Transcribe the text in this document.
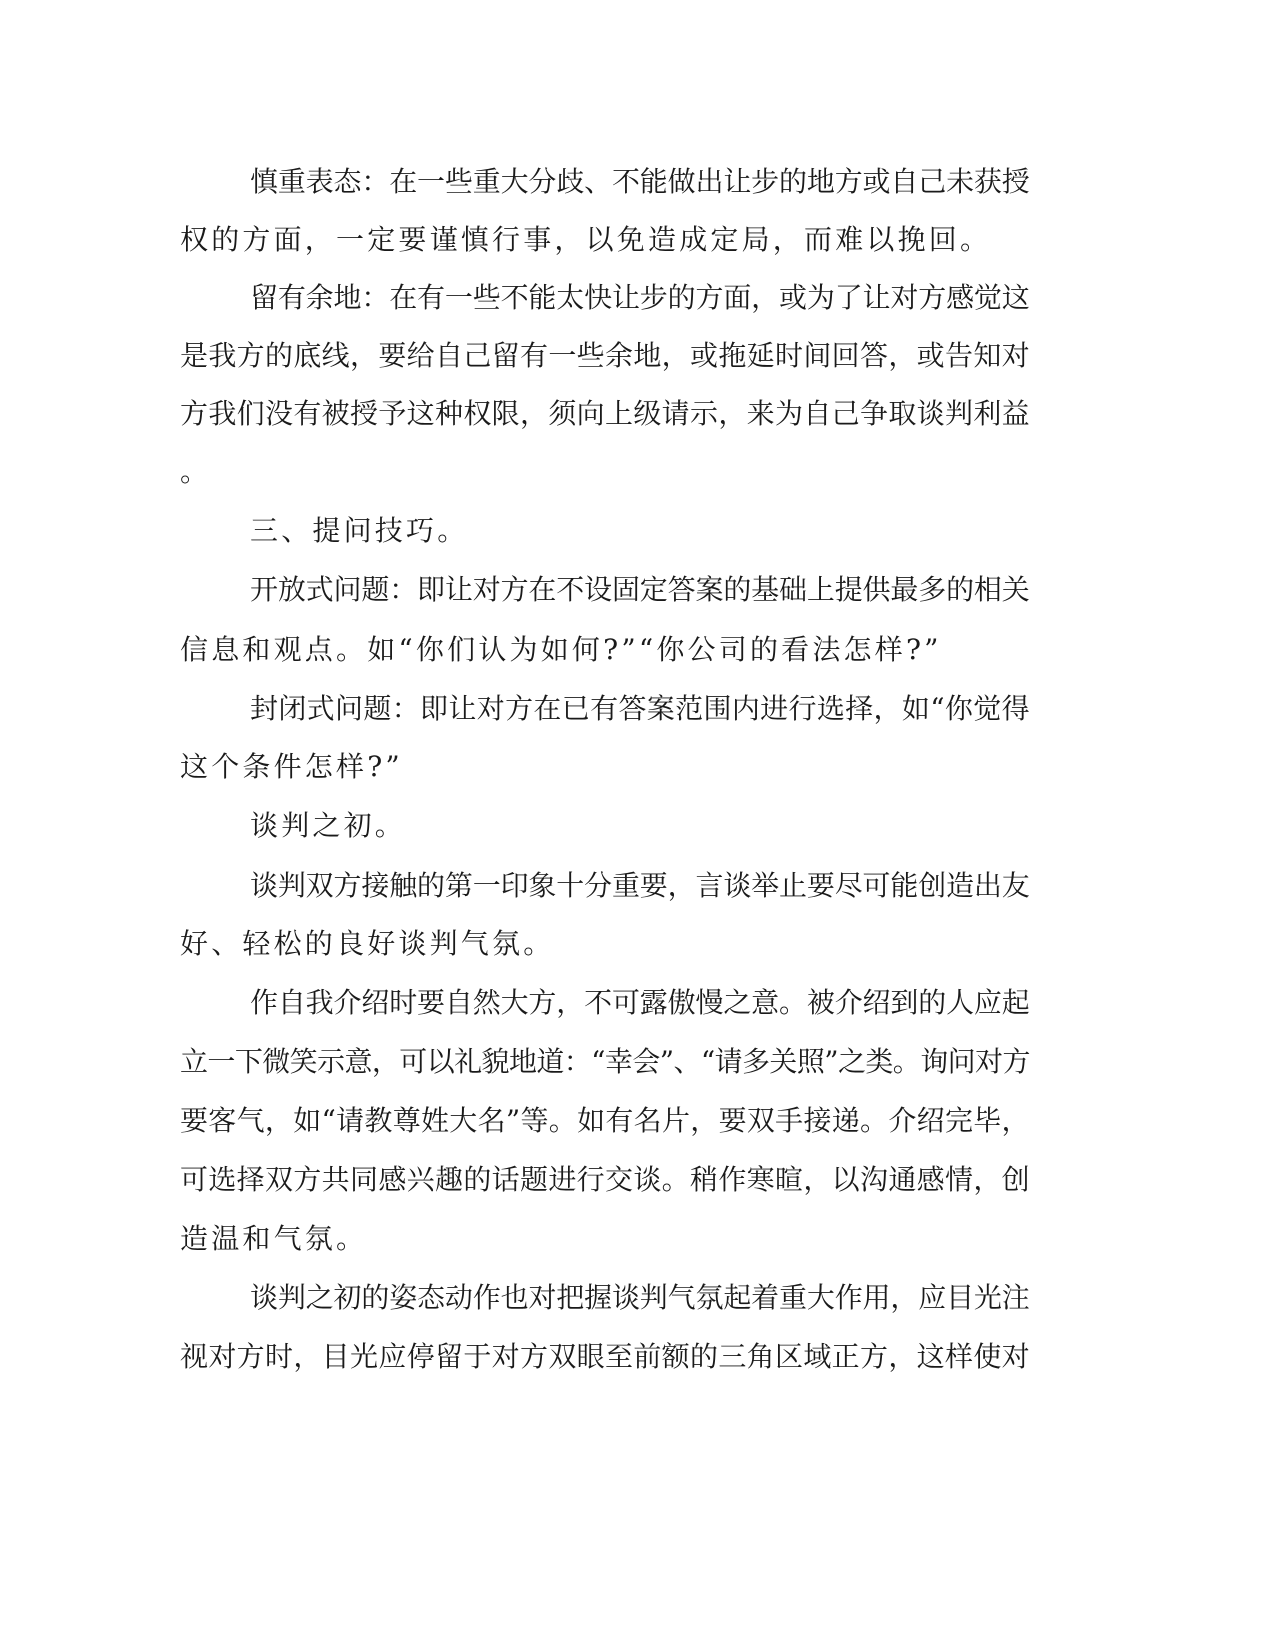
慎重表态：在一些重大分歧、不能做出让步的地方或自己未获授
权的方面，一定要谨慎行事，以免造成定局，而难以挽回。
留有余地：在有一些不能太快让步的方面，或为了让对方感觉这
是我方的底线，要给自己留有一些余地，或拖延时间回答，或告知对
方我们没有被授予这种权限，须向上级请示，来为自己争取谈判利益
。
三、提问技巧。
开放式问题：即让对方在不设固定答案的基础上提供最多的相关
信息和观点。如“你们认为如何?”“你公司的看法怎样?”
封闭式问题：即让对方在已有答案范围内进行选择，如“你觉得
这个条件怎样?”
谈判之初。
谈判双方接触的第一印象十分重要，言谈举止要尽可能创造出友
好、轻松的良好谈判气氛。
作自我介绍时要自然大方，不可露傲慢之意。被介绍到的人应起
立一下微笑示意，可以礼貌地道：“幸会”、“请多关照”之类。询问对方
要客气，如“请教尊姓大名”等。如有名片，要双手接递。介绍完毕，
可选择双方共同感兴趣的话题进行交谈。稍作寒暄，以沟通感情，创
造温和气氛。
谈判之初的姿态动作也对把握谈判气氛起着重大作用，应目光注
视对方时，目光应停留于对方双眼至前额的三角区域正方，这样使对
